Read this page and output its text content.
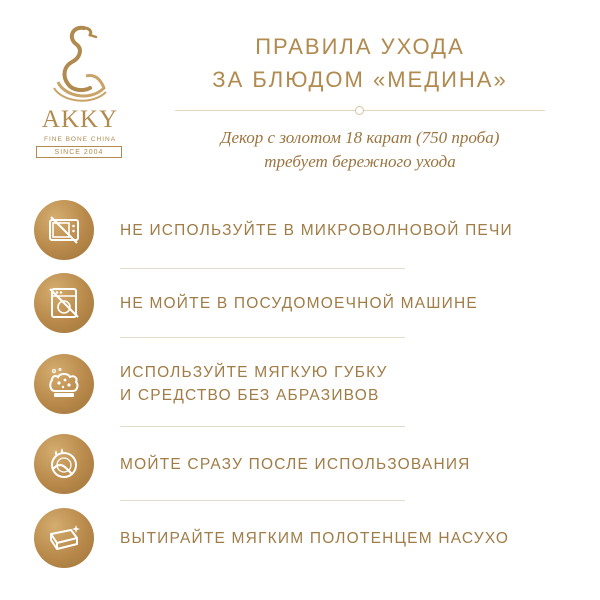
AKKY
FINE BONE CHINA
SINCE 2004
ПРАВИЛА УХОДА
ЗА БЛЮДОМ «МЕДИНА»
Декор с золотом 18 карат (750 проба)
требует бережного ухода
НЕ ИСПОЛЬЗУЙТЕ В МИКРОВОЛНОВОЙ ПЕЧИ
НЕ МОЙТЕ В ПОСУДОМОЕЧНОЙ МАШИНЕ
ИСПОЛЬЗУЙТЕ МЯГКУЮ ГУБКУ
И СРЕДСТВО БЕЗ АБРАЗИВОВ
МОЙТЕ СРАЗУ ПОСЛЕ ИСПОЛЬЗОВАНИЯ
ВЫТИРАЙТЕ МЯГКИМ ПОЛОТЕНЦЕМ НАСУХО
